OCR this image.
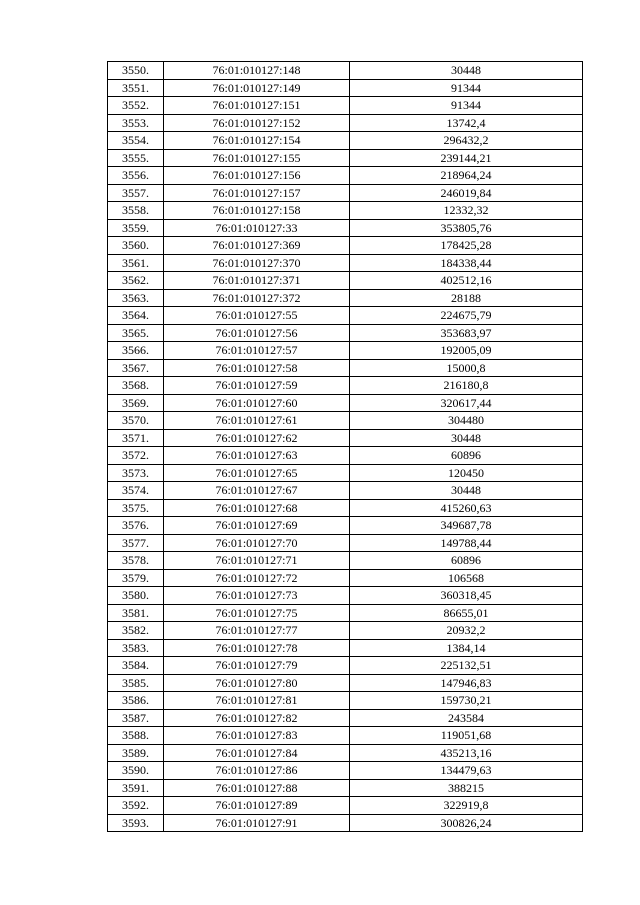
3550.	76:01:010127:148	30448
3551.	76:01:010127:149	91344
3552.	76:01:010127:151	91344
3553.	76:01:010127:152	13742,4
3554.	76:01:010127:154	296432,2
3555.	76:01:010127:155	239144,21
3556.	76:01:010127:156	218964,24
3557.	76:01:010127:157	246019,84
3558.	76:01:010127:158	12332,32
3559.	76:01:010127:33	353805,76
3560.	76:01:010127:369	178425,28
3561.	76:01:010127:370	184338,44
3562.	76:01:010127:371	402512,16
3563.	76:01:010127:372	28188
3564.	76:01:010127:55	224675,79
3565.	76:01:010127:56	353683,97
3566.	76:01:010127:57	192005,09
3567.	76:01:010127:58	15000,8
3568.	76:01:010127:59	216180,8
3569.	76:01:010127:60	320617,44
3570.	76:01:010127:61	304480
3571.	76:01:010127:62	30448
3572.	76:01:010127:63	60896
3573.	76:01:010127:65	120450
3574.	76:01:010127:67	30448
3575.	76:01:010127:68	415260,63
3576.	76:01:010127:69	349687,78
3577.	76:01:010127:70	149788,44
3578.	76:01:010127:71	60896
3579.	76:01:010127:72	106568
3580.	76:01:010127:73	360318,45
3581.	76:01:010127:75	86655,01
3582.	76:01:010127:77	20932,2
3583.	76:01:010127:78	1384,14
3584.	76:01:010127:79	225132,51
3585.	76:01:010127:80	147946,83
3586.	76:01:010127:81	159730,21
3587.	76:01:010127:82	243584
3588.	76:01:010127:83	119051,68
3589.	76:01:010127:84	435213,16
3590.	76:01:010127:86	134479,63
3591.	76:01:010127:88	388215
3592.	76:01:010127:89	322919,8
3593.	76:01:010127:91	300826,24
